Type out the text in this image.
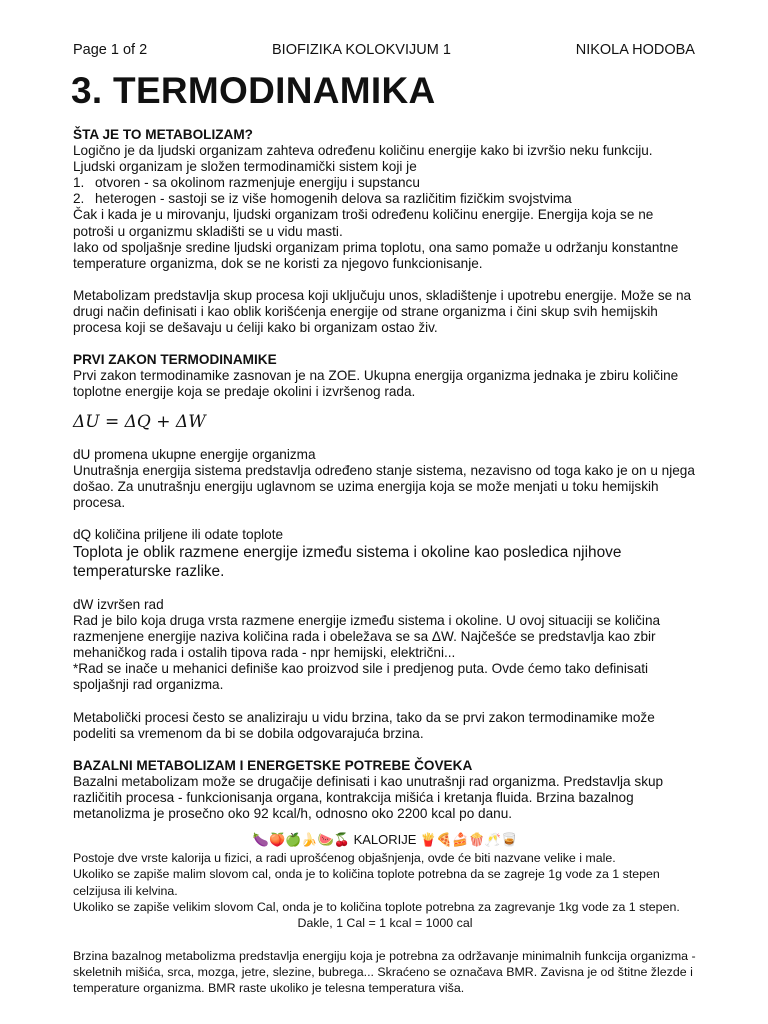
Page 1 of 2	BIOFIZIKA KOLOKVIJUM 1	NIKOLA HODOBA
3. TERMODINAMIKA
ŠTA JE TO METABOLIZAM?

Logično je da ljudski organizam zahteva određenu količinu energije kako bi izvršio neku funkciju.

Ljudski organizam je složen termodinamički sistem koji je

1. otvoren - sa okolinom razmenjuje energiju i supstancu
2. heterogen - sastoji se iz više homogenih delova sa različitim fizičkim svojstvima

Čak i kada je u mirovanju, ljudski organizam troši određenu količinu energije. Energija koja se ne potroši u organizmu skladišti se u vidu masti.

Iako od spoljašnje sredine ljudski organizam prima toplotu, ona samo pomaže u održanju konstantne temperature organizma, dok se ne koristi za njegovo funkcionisanje.

Metabolizam predstavlja skup procesa koji uključuju unos, skladištenje i upotrebu energije. Može se na drugi način definisati i kao oblik korišćenja energije od strane organizma i čini skup svih hemijskih procesa koji se dešavaju u ćeliji kako bi organizam ostao živ.

PRVI ZAKON TERMODINAMIKE

Prvi zakon termodinamike zasnovan je na ZOE. Ukupna energija organizma jednaka je zbiru količine toplotne energije koja se predaje okolini i izvršenog rada.

ΔU = ΔQ + ΔW

dU promena ukupne energije organizma

Unutrašnja energija sistema predstavlja određeno stanje sistema, nezavisno od toga kako je on u njega došao. Za unutrašnju energiju uglavnom se uzima energija koja se može menjati u toku hemijskih procesa.

dQ količina priljene ili odate toplote

Toplota je oblik razmene energije između sistema i okoline kao posledica njihove temperaturske razlike.

dW izvršen rad

Rad je bilo koja druga vrsta razmene energije između sistema i okoline. U ovoj situaciji se količina razmenjene energije naziva količina rada i obeležava se sa ΔW. Najčešće se predstavlja kao zbir mehaničkog rada i ostalih tipova rada - npr hemijski, električni...

*Rad se inače u mehanici definiše kao proizvod sile i predjenog puta. Ovde ćemo tako definisati spoljašnji rad organizma.

Metabolički procesi često se analiziraju u vidu brzina, tako da se prvi zakon termodinamike može podeliti sa vremenom da bi se dobila odgovarajuća brzina.

BAZALNI METABOLIZAM I ENERGETSKE POTREBE ČOVEKA

Bazalni metabolizam može se drugačije definisati i kao unutrašnji rad organizma. Predstavlja skup različitih procesa - funkcionisanja organa, kontrakcija mišića i kretanja fluida. Brzina bazalnog metanolizma je prosečno oko 92 kcal/h, odnosno oko 2200 kcal po danu.

🍆🍑🍏🍌🍉🍒 KALORIJE 🍟🍕🍰🍿🥂🥃

Postoje dve vrste kalorija u fizici, a radi uprošćenog objašnjenja, ovde će biti nazvane velike i male.

Ukoliko se zapiše malim slovom cal, onda je to količina toplote potrebna da se zagreje 1g vode za 1 stepen celzijusa ili kelvina.

Ukoliko se zapiše velikim slovom Cal, onda je to količina toplote potrebna za zagrevanje 1kg vode za 1 stepen.

Dakle, 1 Cal = 1 kcal = 1000 cal

Brzina bazalnog metabolizma predstavlja energiju koja je potrebna za održavanje minimalnih funkcija organizma - skeletnih mišića, srca, mozga, jetre, slezine, bubrega... Skraćeno se označava BMR. Zavisna je od štitne žlezde i temperature organizma. BMR raste ukoliko je telesna temperatura viša.
